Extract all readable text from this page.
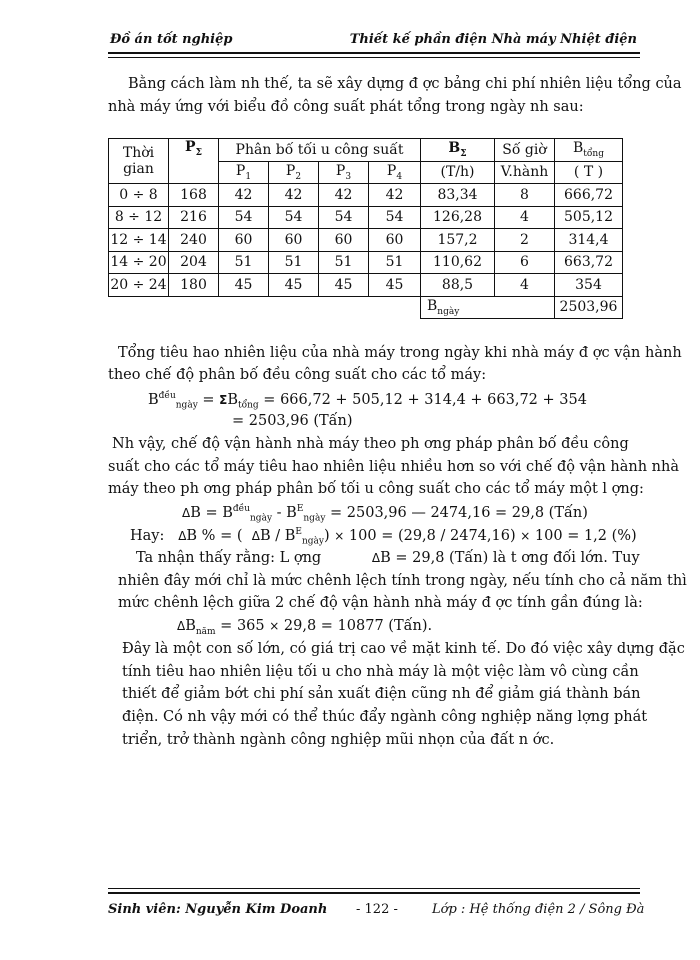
Đồ án tốt nghiệp	Thiết kế phần điện Nhà máy Nhiệt điện
Bằng cách làm nh thế, ta sẽ xây dựng đ ợc bảng chi phí nhiên liệu tổng của
nhà máy ứng với biểu đồ công suất phát tổng trong ngày nh sau:
Thời
gian	$P_\Sigma$	Phân bố tối u công suất				$B_\Sigma$	Số giờ	$B_{tổng}$
		$P_1$	$P_2$	$P_3$	$P_4$	(T/h)	V.hành	( T )
0 ÷ 8	168	42	42	42	42	83,34	8	666,72
8 ÷ 12	216	54	54	54	54	126,28	4	505,12
12 ÷ 14	240	60	60	60	60	157,2	2	314,4
14 ÷ 20	204	51	51	51	51	110,62	6	663,72
20 ÷ 24	180	45	45	45	45	88,5	4	354
						$B_{ngày}$		2503,96
Tổng tiêu hao nhiên liệu của nhà máy trong ngày khi nhà máy đ ợc vận hành
theo chế độ phân bố đều công suất cho các tổ máy:
$B^{đều}_{ngày} = \Sigma B_{tổng} = 666,72 + 505,12 + 314,4 + 663,72 + 354$
= 2503,96 (Tấn)
Nh vậy, chế độ vận hành nhà máy theo ph ơng pháp phân bố đều công
suất cho các tổ máy tiêu hao nhiên liệu nhiều hơn so với chế độ vận hành nhà
máy theo ph ơng pháp phân bố tối u công suất cho các tổ máy một l ợng:
$\Delta B = B^{đều}_{ngày} - B^E_{ngày} = 2503,96$ — 2474,16 = 29,8 (Tấn)
Hay: ΔB % = ( $\Delta B / B^E_{ngày}) \times 100 = (29,8 / 2474,16) \times 100 = 1,2$ (%)
Ta nhận thấy rằng: L ợng	ΔB = 29,8 (Tấn) là t ơng đối lớn. Tuy
nhiên đây mới chỉ là mức chênh lệch tính trong ngày, nếu tính cho cả năm thì
mức chênh lệch giữa 2 chế độ vận hành nhà máy đ ợc tính gần đúng là:
$\Delta B_{năm} = 365 \times 29,8 = 10877$ (Tấn).
Đây là một con số lớn, có giá trị cao về mặt kinh tế. Do đó việc xây dựng đặc
tính tiêu hao nhiên liệu tối u cho nhà máy là một việc làm vô cùng cần
thiết để giảm bớt chi phí sản xuất điện cũng nh để giảm giá thành bán
điện. Có nh vậy mới có thể thúc đẩy ngành công nghiệp năng lợng phát
triển, trở thành ngành công nghiệp mũi nhọn của đất n ớc.
Sinh viên: Nguyễn Kim Doanh - 122 -	Lớp : Hệ thống điện 2 / Sông Đà
